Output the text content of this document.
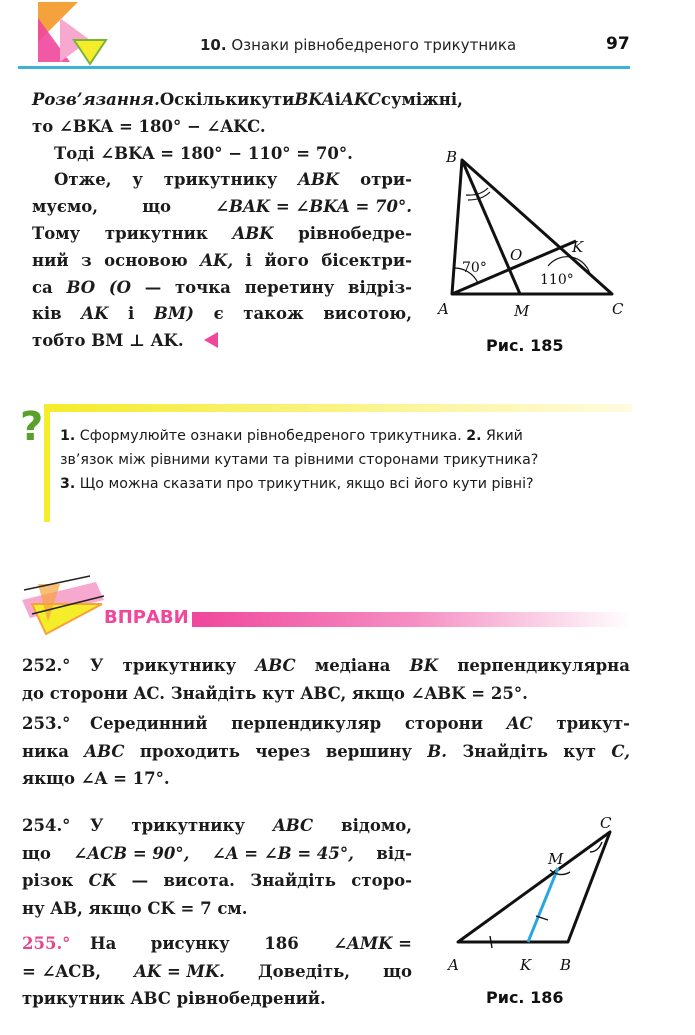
10. Ознаки рівнобедреного трикутника	97
Розв’язання. Оскільки кути BKA і AKC суміжні,
то ∠BKA = 180° − ∠AKC.
Тоді ∠BKA = 180° − 110° = 70°.
Отже, у трикутнику ABK отри-
муємо,	що	∠BAK = ∠BKA = 70°.
Тому трикутник ABK рівнобедре-
ний з основою AK, і його бісектри-
са BO (O — точка перетину відріз-
ків AK і BM) є також висотою,
тобто BM ⊥ AK.
B
O	K
A	M	C
70°
110°
Рис. 185
? 1. Сформулюйте ознаки рівнобедреного трикутника. 2. Який
зв’язок між рівними кутами та рівними сторонами трикутника?
3. Що можна сказати про трикутник, якщо всі його кути рівні?
ВПРАВИ
252.° У трикутнику ABC медіана BK перпендикулярна
до сторони AC. Знайдіть кут ABC, якщо ∠ABK = 25°.
253.° Серединний перпендикуляр сторони AC трикут-
ника ABC проходить через вершину B. Знайдіть кут C,
якщо ∠A = 17°.
254.° У трикутнику ABC відомо,
що ∠ACB = 90°, ∠A = ∠B = 45°, від-
різок CK — висота. Знайдіть сторо-
ну AB, якщо CK = 7 см.
255.° На рисунку 186 ∠AMK =
= ∠ACB, AK = MK. Доведіть, що
трикутник ABC рівнобедрений.
C
M
A	K B
Рис. 186
